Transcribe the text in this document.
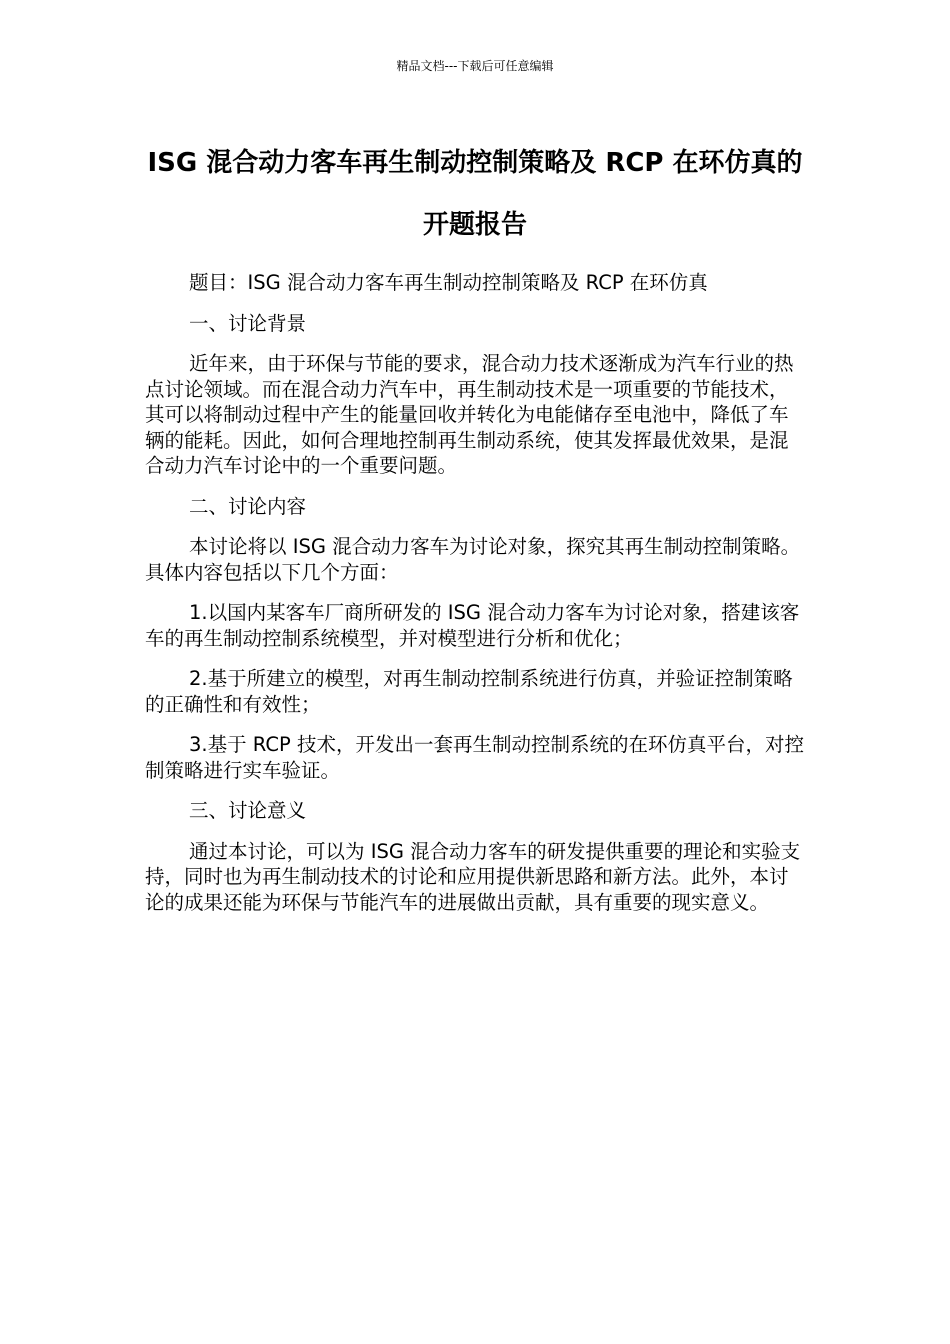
精品文档---下载后可任意编辑
ISG 混合动力客车再生制动控制策略及 RCP 在环仿真的开题报告

题目：ISG 混合动力客车再生制动控制策略及 RCP 在环仿真

一、讨论背景

近年来，由于环保与节能的要求，混合动力技术逐渐成为汽车行业的热点讨论领域。而在混合动力汽车中，再生制动技术是一项重要的节能技术，其可以将制动过程中产生的能量回收并转化为电能储存至电池中，降低了车辆的能耗。因此，如何合理地控制再生制动系统，使其发挥最优效果，是混合动力汽车讨论中的一个重要问题。

二、讨论内容

本讨论将以 ISG 混合动力客车为讨论对象，探究其再生制动控制策略。具体内容包括以下几个方面：

1.以国内某客车厂商所研发的 ISG 混合动力客车为讨论对象，搭建该客车的再生制动控制系统模型，并对模型进行分析和优化；

2.基于所建立的模型，对再生制动控制系统进行仿真，并验证控制策略的正确性和有效性；

3.基于 RCP 技术，开发出一套再生制动控制系统的在环仿真平台，对控制策略进行实车验证。

三、讨论意义

通过本讨论，可以为 ISG 混合动力客车的研发提供重要的理论和实验支持，同时也为再生制动技术的讨论和应用提供新思路和新方法。此外，本讨论的成果还能为环保与节能汽车的进展做出贡献，具有重要的现实意义。
